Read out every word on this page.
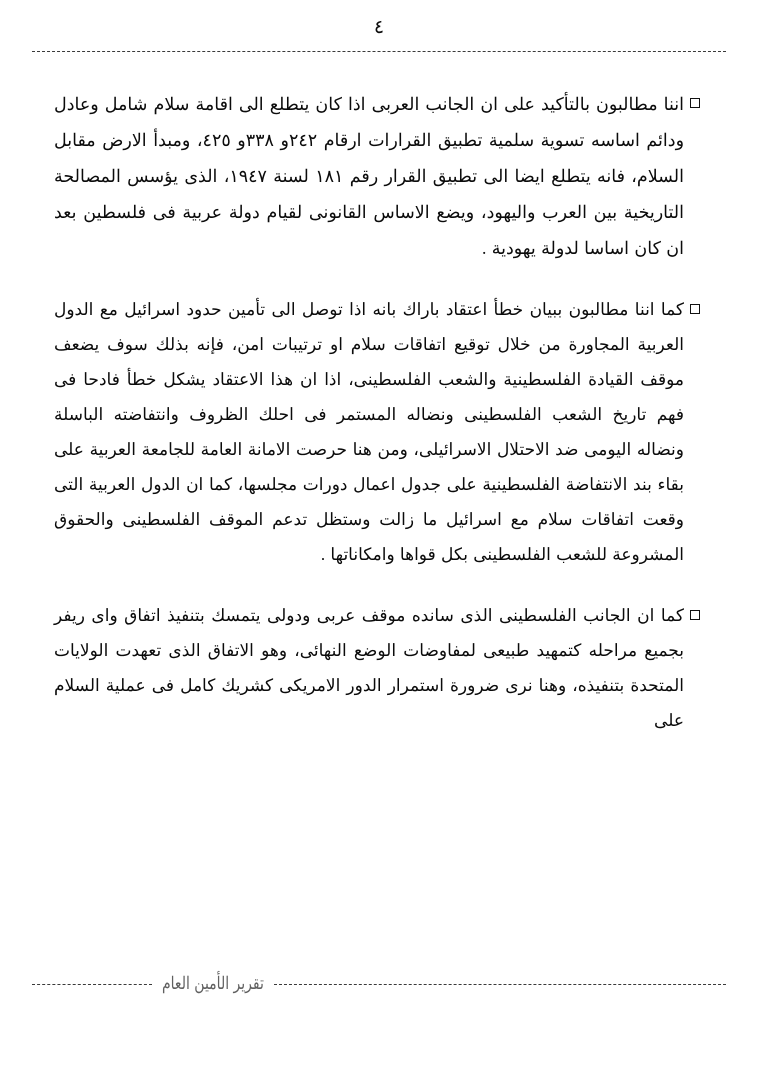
٤
اننا مطالبون بالتأكيد على ان الجانب العربى اذا كان يتطلع الى اقامة سلام شامل وعادل ودائم اساسه تسوية سلمية تطبيق القرارات ارقام ٢٤٢و ٣٣٨و ٤٢٥، ومبدأ الارض مقابل السلام، فانه يتطلع ايضا الى تطبيق القرار رقم ١٨١ لسنة ١٩٤٧، الذى يؤسس المصالحة التاريخية بين العرب واليهود، ويضع الاساس القانونى لقيام دولة عربية فى فلسطين بعد ان كان اساسا لدولة يهودية .
كما اننا مطالبون ببيان خطأ اعتقاد باراك بانه اذا توصل الى تأمين حدود اسرائيل مع الدول العربية المجاورة من خلال توقيع اتفاقات سلام او ترتيبات امن، فإنه بذلك سوف يضعف موقف القيادة الفلسطينية والشعب الفلسطينى، اذا ان هذا الاعتقاد يشكل خطأ فادحا فى فهم تاريخ الشعب الفلسطينى ونضاله المستمر فى احلك الظروف وانتفاضته الباسلة ونضاله اليومى ضد الاحتلال الاسرائيلى، ومن هنا حرصت الامانة العامة للجامعة العربية على بقاء بند الانتفاضة الفلسطينية على جدول اعمال دورات مجلسها، كما ان الدول العربية التى وقعت اتفاقات سلام مع اسرائيل ما زالت وستظل تدعم الموقف الفلسطينى والحقوق المشروعة للشعب الفلسطينى بكل قواها وامكاناتها .
كما ان الجانب الفلسطينى الذى سانده موقف عربى ودولى يتمسك بتنفيذ اتفاق واى ريفر بجميع مراحله كتمهيد طبيعى لمفاوضات الوضع النهائى، وهو الاتفاق الذى تعهدت الولايات المتحدة بتنفيذه، وهنا نرى ضرورة استمرار الدور الامريكى كشريك كامل فى عملية السلام على
تقرير الأمين العام
